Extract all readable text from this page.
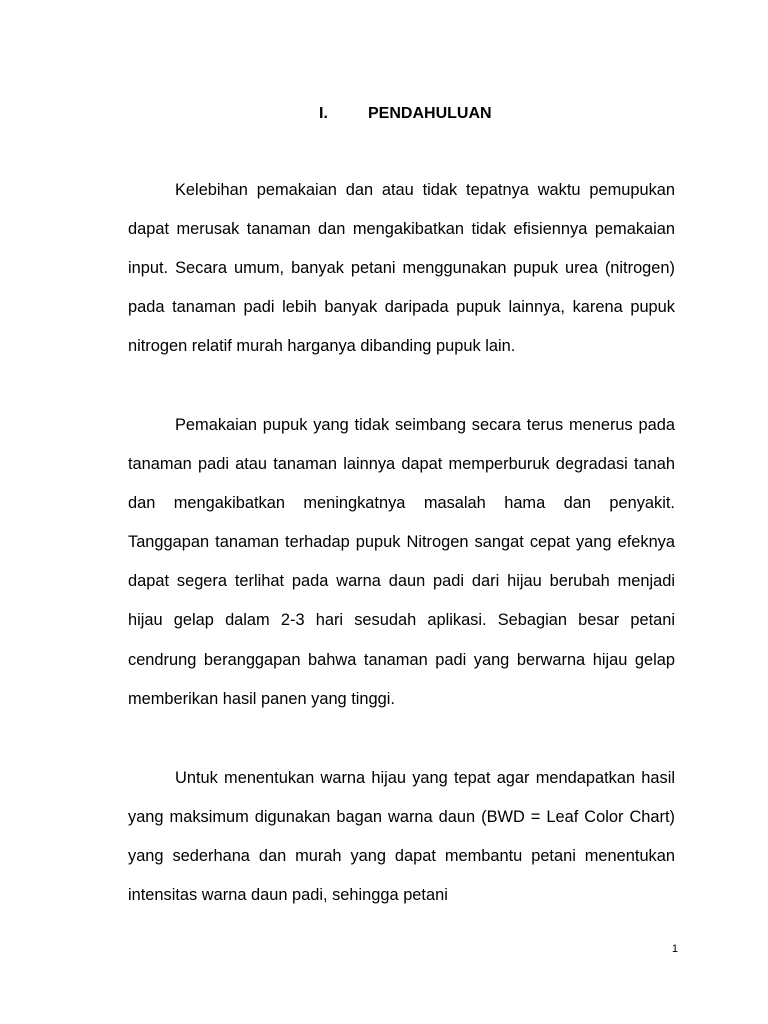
I.	PENDAHULUAN

Kelebihan pemakaian dan atau tidak tepatnya waktu pemupukan dapat merusak tanaman dan mengakibatkan tidak efisiennya pemakaian input. Secara umum, banyak petani menggunakan pupuk urea (nitrogen) pada tanaman padi lebih banyak daripada pupuk lainnya, karena pupuk nitrogen relatif murah harganya dibanding pupuk lain.

Pemakaian pupuk yang tidak seimbang secara terus menerus pada tanaman padi atau tanaman lainnya dapat memperburuk degradasi tanah dan mengakibatkan meningkatnya masalah hama dan penyakit. Tanggapan tanaman terhadap pupuk Nitrogen sangat cepat yang efeknya dapat segera terlihat pada warna daun padi dari hijau berubah menjadi hijau gelap dalam 2-3 hari sesudah aplikasi. Sebagian besar petani cendrung beranggapan bahwa tanaman padi yang berwarna hijau gelap memberikan hasil panen yang tinggi.

Untuk menentukan warna hijau yang tepat agar mendapatkan hasil yang maksimum digunakan bagan warna daun (BWD = Leaf Color Chart) yang sederhana dan murah yang dapat membantu petani menentukan intensitas warna daun padi, sehingga petani

1
